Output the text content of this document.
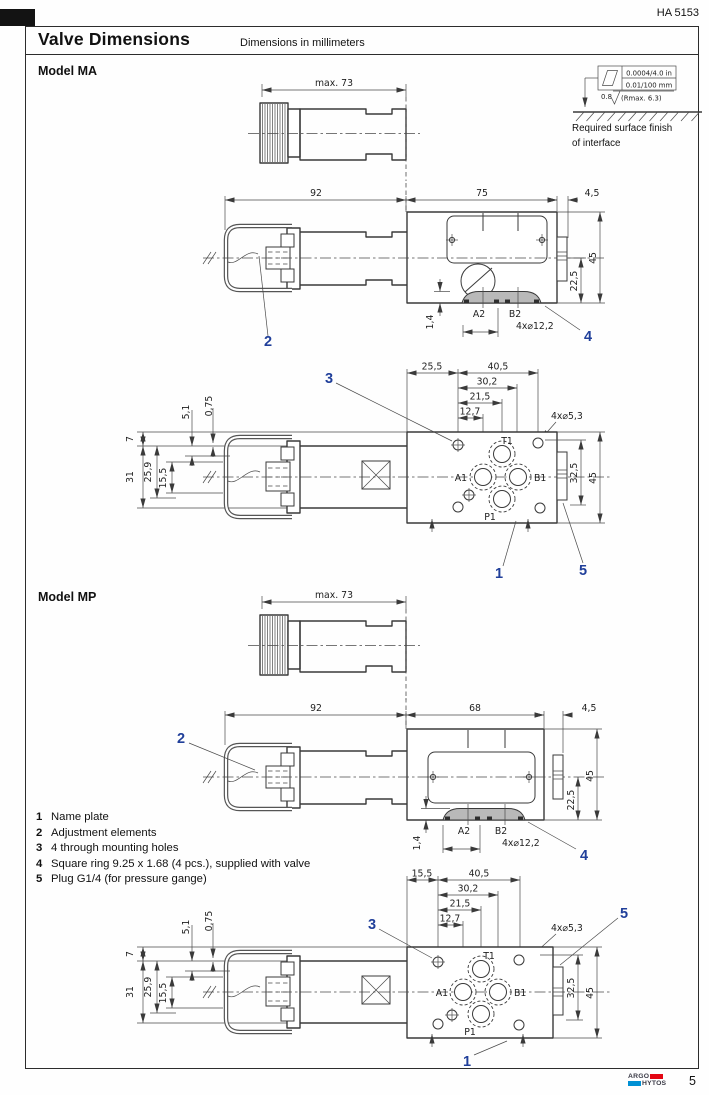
HA 5153
Valve Dimensions	Dimensions in millimeters
Model MA
Model MP
0.0004/4.0 in
0.01/100 mm
0.8 (Rmax. 6.3)
Required surface finish
of interface
max. 73
92	75	4,5
A2	B2
4x⌀12,2
1,4
22,5
45
2	4
25,5	40,5
30,2
21,5
12,7	4x⌀5,3
T1
A1	B1
P1
7
31 25,9 15,5
5,1 0,75
32,5 45
3
1	5
max. 73
92	68	4,5
A2	B2
4x⌀12,2
1,4
22,5
45
2
4
15,5	40,5
30,2
21,5
12,7
4x⌀5,3
T1
A1	B1
P1
7
31 25,9 15,5
5,1 0,75
32,5 45
3
5
1
1 Name plate
2 Adjustment elements
3 4 through mounting holes
4 Square ring 9.25 x 1.68 (4 pcs.), supplied with valve
5 Plug G1/4 (for pressure gange)
ARGO
HYTOS 5
